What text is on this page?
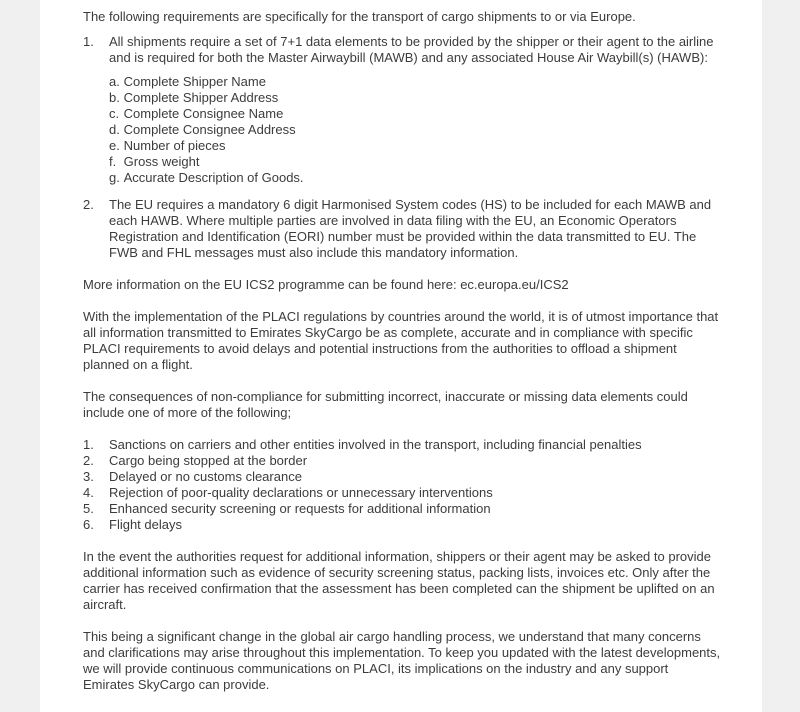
The following requirements are specifically for the transport of cargo shipments to or via Europe.

1. All shipments require a set of 7+1 data elements to be provided by the shipper or their agent to the airline and is required for both the Master Airwaybill (MAWB) and any associated House Air Waybill(s) (HAWB):
a.
Complete Shipper Name
b.
Complete Shipper Address
c.
Complete Consignee Name
d.
Complete Consignee Address
e.
Number of pieces
f.
Gross weight
g.
Accurate Description of Goods.
2. The EU requires a mandatory 6 digit Harmonised System codes (HS) to be included for each MAWB and each HAWB. Where multiple parties are involved in data filing with the EU, an Economic Operators Registration and Identification (EORI) number must be provided within the data transmitted to EU. The FWB and FHL messages must also include this mandatory information.

More information on the EU ICS2 programme can be found here: ec.europa.eu/ICS2

With the implementation of the PLACI regulations by countries around the world, it is of utmost importance that all information transmitted to Emirates SkyCargo be as complete, accurate and in compliance with specific PLACI requirements to avoid delays and potential instructions from the authorities to offload a shipment planned on a flight.

The consequences of non-compliance for submitting incorrect, inaccurate or missing data elements could include one of more of the following;

1. Sanctions on carriers and other entities involved in the transport, including financial penalties
2. Cargo being stopped at the border
3. Delayed or no customs clearance
4. Rejection of poor-quality declarations or unnecessary interventions
5. Enhanced security screening or requests for additional information
6. Flight delays

In the event the authorities request for additional information, shippers or their agent may be asked to provide additional information such as evidence of security screening status, packing lists, invoices etc. Only after the carrier has received confirmation that the assessment has been completed can the shipment be uplifted on an aircraft.

This being a significant change in the global air cargo handling process, we understand that many concerns and clarifications may arise throughout this implementation. To keep you updated with the latest developments, we will provide continuous communications on PLACI, its implications on the industry and any support Emirates SkyCargo can provide.
